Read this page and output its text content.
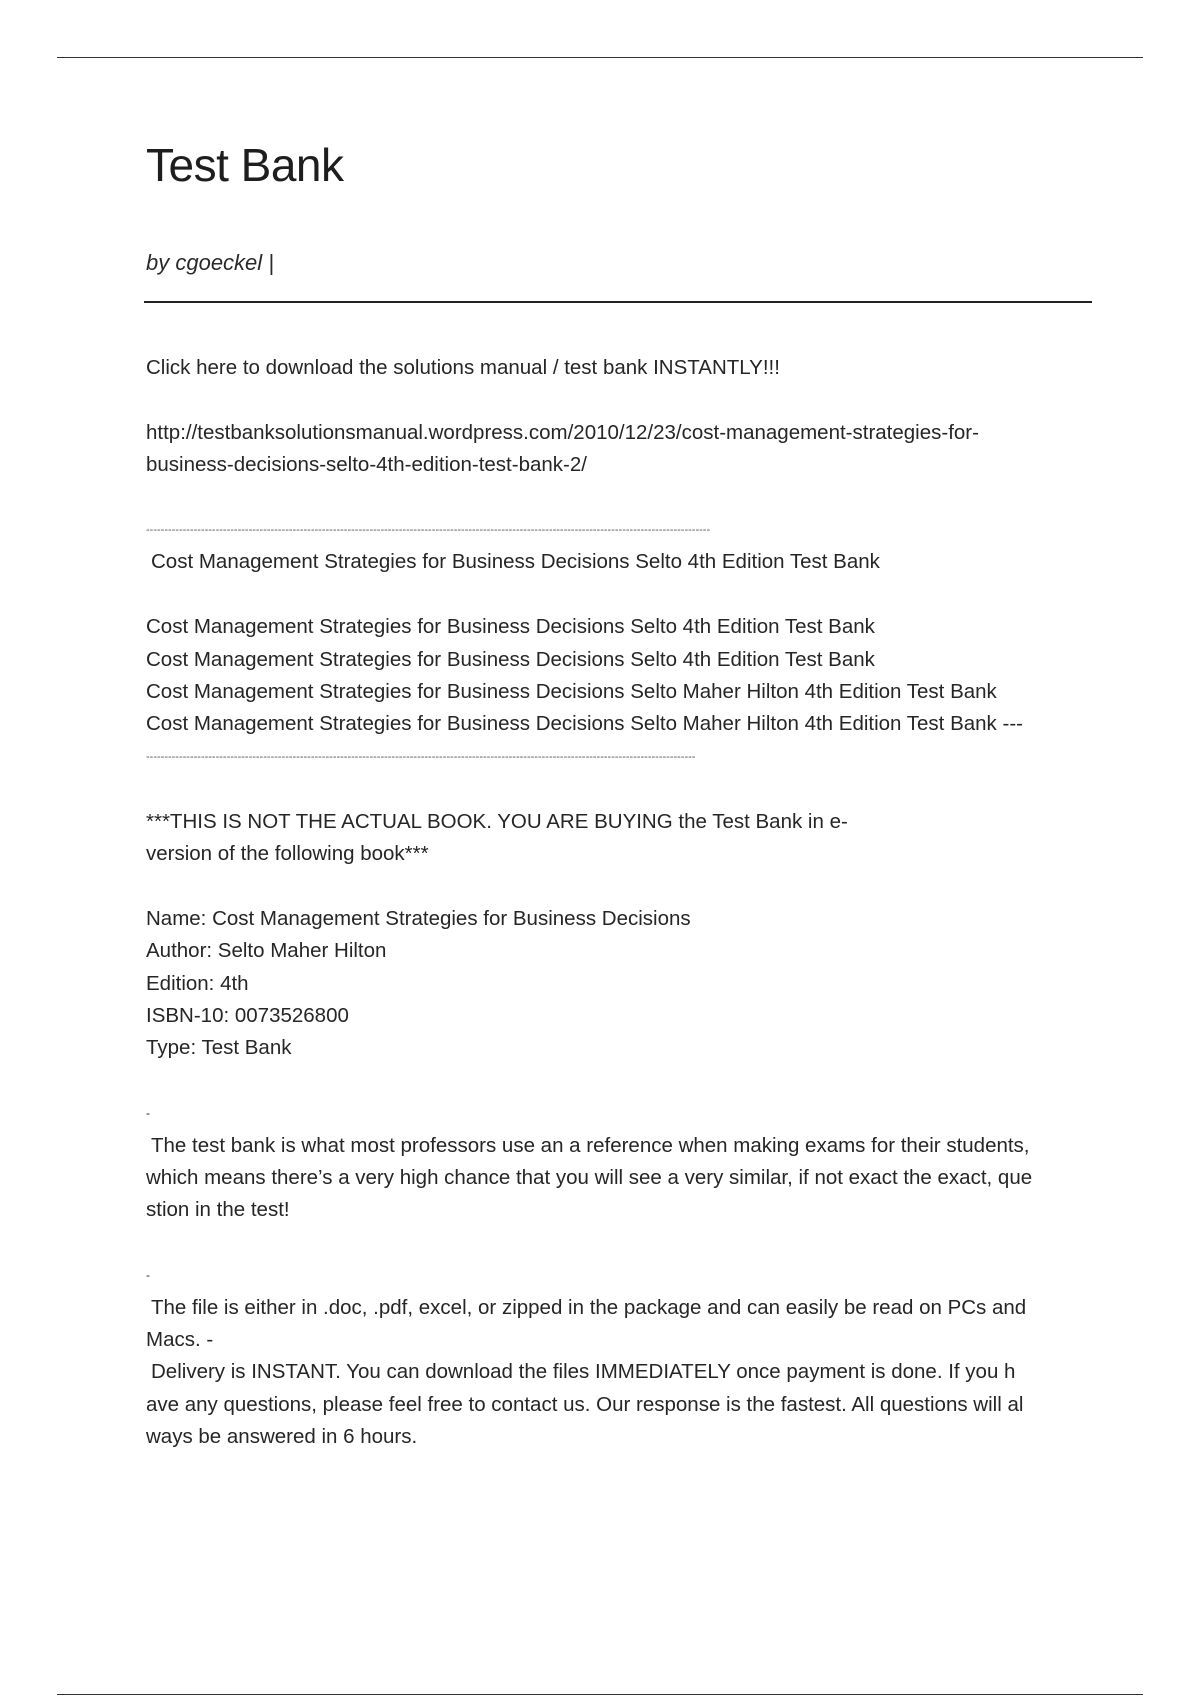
Test Bank
by cgoeckel |

Click here to download the solutions manual / test bank INSTANTLY!!!

http://testbanksolutionsmanual.wordpress.com/2010/12/23/cost-management-strategies-for-

business-decisions-selto-4th-edition-test-bank-2/

----------------------------------------------------------------------------------------------------------------------------------------------------------

Cost Management Strategies for Business Decisions Selto 4th Edition Test Bank

Cost Management Strategies for Business Decisions Selto 4th Edition Test Bank

Cost Management Strategies for Business Decisions Selto 4th Edition Test Bank

Cost Management Strategies for Business Decisions Selto Maher Hilton 4th Edition Test Bank

Cost Management Strategies for Business Decisions Selto Maher Hilton 4th Edition Test Bank ---

------------------------------------------------------------------------------------------------------------------------------------------------------

***THIS IS NOT THE ACTUAL BOOK. YOU ARE BUYING the Test Bank in e-

version of the following book***

Name: Cost Management Strategies for Business Decisions

Author: Selto Maher Hilton

Edition: 4th

ISBN-10: 0073526800

Type: Test Bank

-

The test bank is what most professors use an a reference when making exams for their students,

which means there’s a very high chance that you will see a very similar, if not exact the exact, que

stion in the test!

-

The file is either in .doc, .pdf, excel, or zipped in the package and can easily be read on PCs and

Macs. -

Delivery is INSTANT. You can download the files IMMEDIATELY once payment is done. If you h

ave any questions, please feel free to contact us. Our response is the fastest. All questions will al

ways be answered in 6 hours.
